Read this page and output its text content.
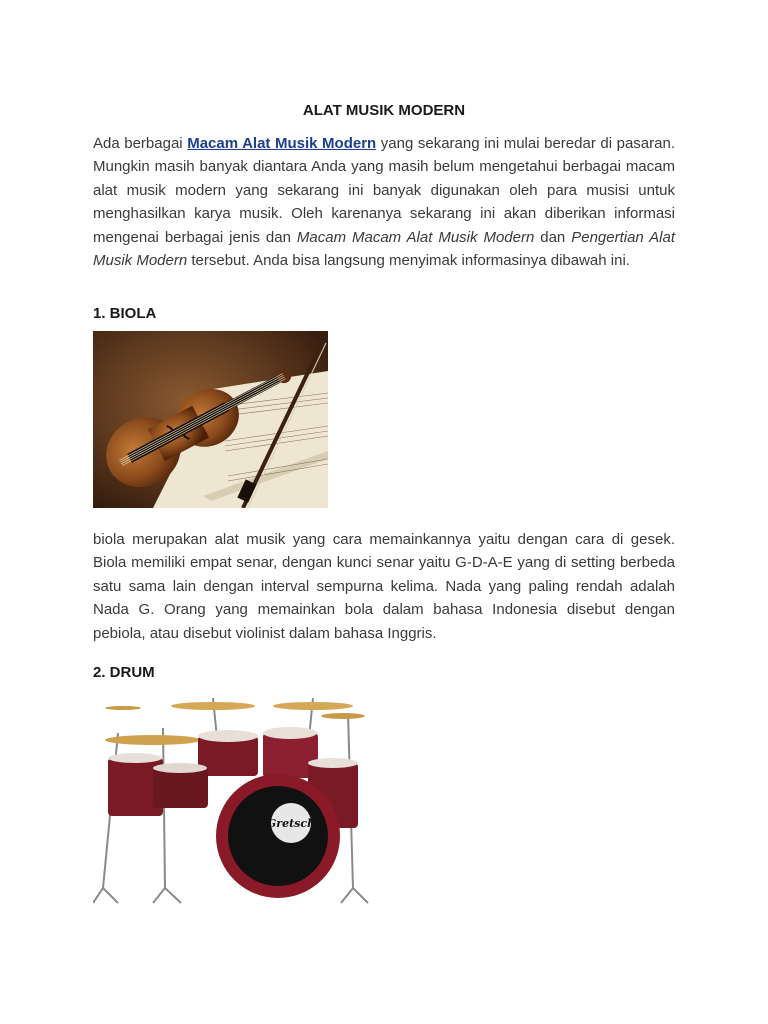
ALAT MUSIK MODERN

Ada berbagai Macam Alat Musik Modern yang sekarang ini mulai beredar di pasaran. Mungkin masih banyak diantara Anda yang masih belum mengetahui berbagai macam alat musik modern yang sekarang ini banyak digunakan oleh para musisi untuk menghasilkan karya musik. Oleh karenanya sekarang ini akan diberikan informasi mengenai berbagai jenis dan Macam Macam Alat Musik Modern dan Pengertian Alat Musik Modern tersebut. Anda bisa langsung menyimak informasinya dibawah ini.

1. BIOLA

biola merupakan alat musik yang cara memainkannya yaitu dengan cara di gesek. Biola memiliki empat senar, dengan kunci senar yaitu G-D-A-E yang di setting berbeda satu sama lain dengan interval sempurna kelima. Nada yang paling rendah adalah Nada G. Orang yang memainkan bola dalam bahasa Indonesia disebut dengan pebiola, atau disebut violinist dalam bahasa Inggris.

2. DRUM
Gretsch
